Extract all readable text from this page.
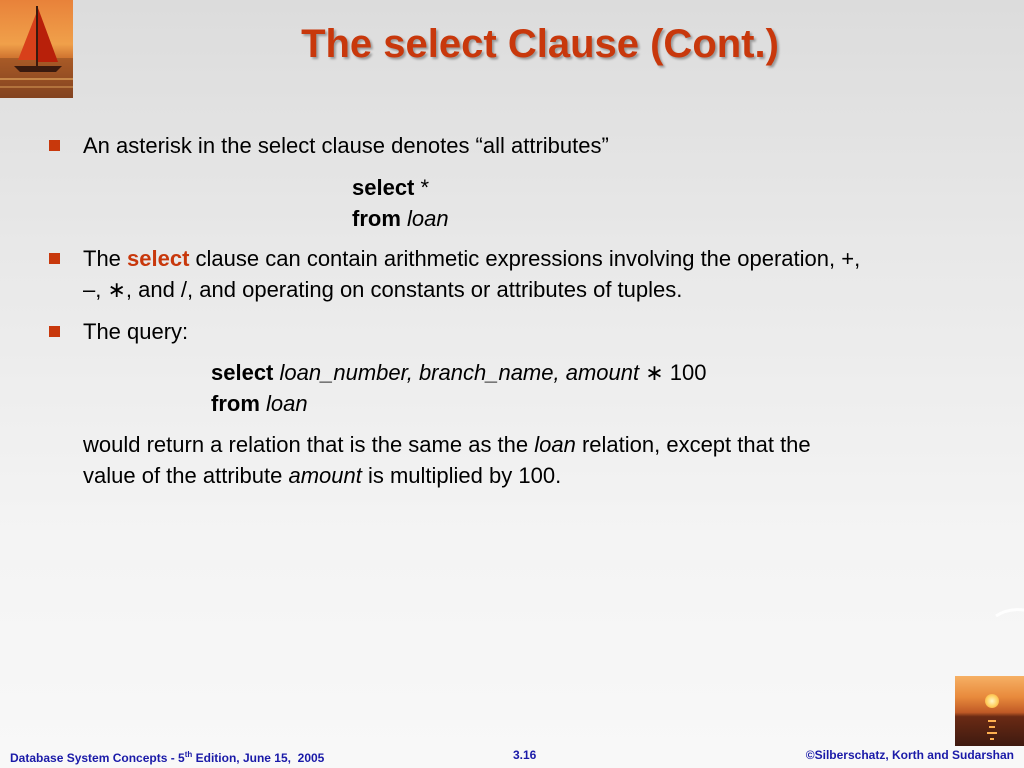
The select Clause (Cont.)
An asterisk in the select clause denotes “all attributes”
select *
from loan
The select clause can contain arithmetic expressions involving the operation, +,
–, ∗, and /, and operating on constants or attributes of tuples.
The query:
select loan_number, branch_name, amount ∗ 100
from loan
would return a relation that is the same as the loan relation, except that the
value of the attribute amount is multiplied by 100.
Database System Concepts - 5th Edition, June 15,  2005	3.16	©Silberschatz, Korth and Sudarshan
